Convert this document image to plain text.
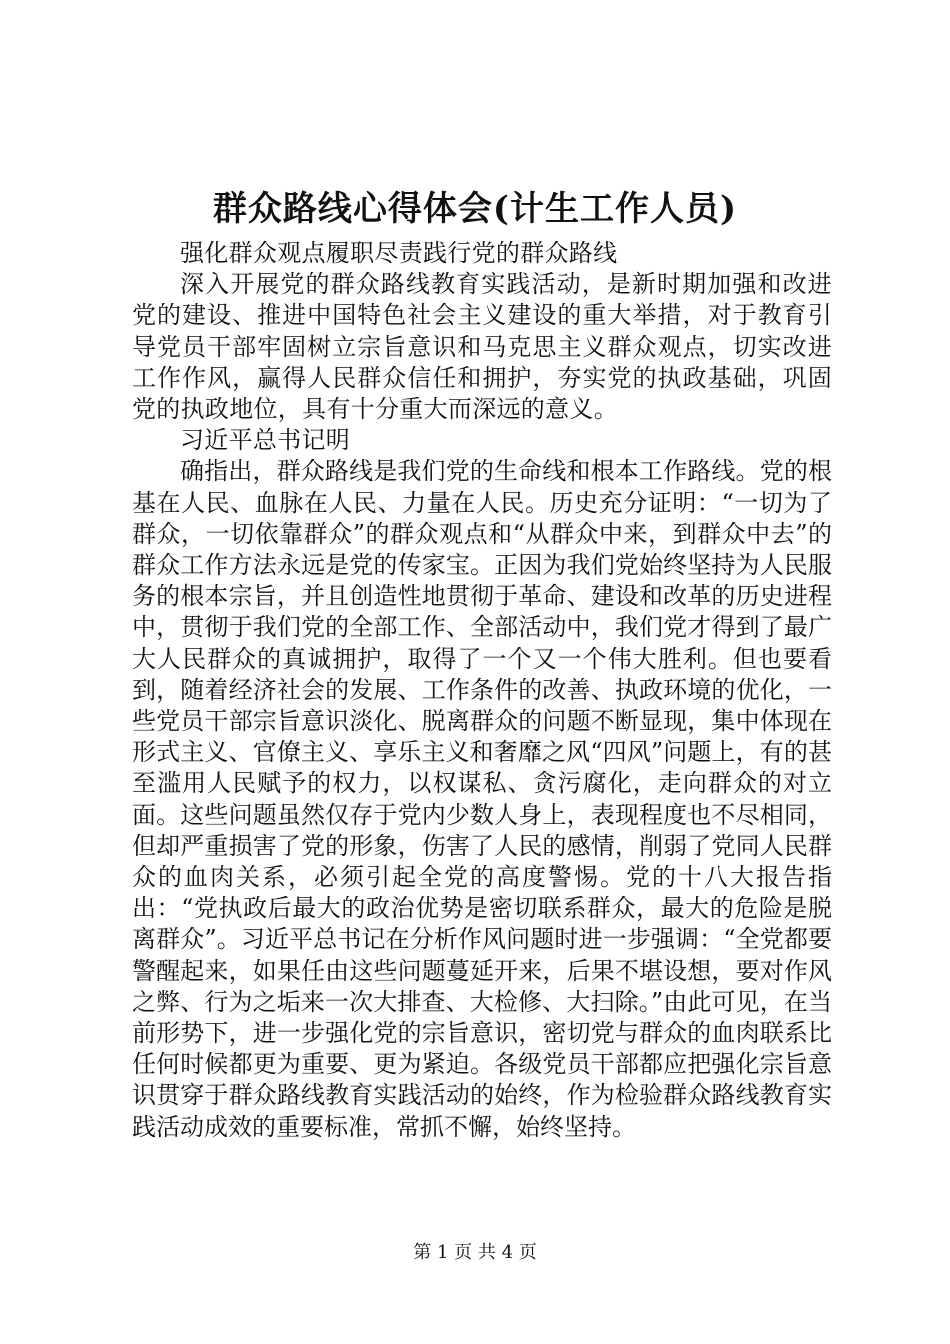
群众路线心得体会(计生工作人员)

强化群众观点履职尽责践行党的群众路线

深入开展党的群众路线教育实践活动，是新时期加强和改进党的建设、推进中国特色社会主义建设的重大举措，对于教育引导党员干部牢固树立宗旨意识和马克思主义群众观点，切实改进工作作风，赢得人民群众信任和拥护，夯实党的执政基础，巩固党的执政地位，具有十分重大而深远的意义。

习近平总书记明

确指出，群众路线是我们党的生命线和根本工作路线。党的根基在人民、血脉在人民、力量在人民。历史充分证明：“一切为了群众，一切依靠群众”的群众观点和“从群众中来，到群众中去”的群众工作方法永远是党的传家宝。正因为我们党始终坚持为人民服务的根本宗旨，并且创造性地贯彻于革命、建设和改革的历史进程中，贯彻于我们党的全部工作、全部活动中，我们党才得到了最广大人民群众的真诚拥护，取得了一个又一个伟大胜利。但也要看到，随着经济社会的发展、工作条件的改善、执政环境的优化，一些党员干部宗旨意识淡化、脱离群众的问题不断显现，集中体现在形式主义、官僚主义、享乐主义和奢靡之风“四风”问题上，有的甚至滥用人民赋予的权力，以权谋私、贪污腐化，走向群众的对立面。这些问题虽然仅存于党内少数人身上，表现程度也不尽相同，但却严重损害了党的形象，伤害了人民的感情，削弱了党同人民群众的血肉关系，必须引起全党的高度警惕。党的十八大报告指出：“党执政后最大的政治优势是密切联系群众，最大的危险是脱离群众”。习近平总书记在分析作风问题时进一步强调：“全党都要警醒起来，如果任由这些问题蔓延开来，后果不堪设想，要对作风之弊、行为之垢来一次大排查、大检修、大扫除。”由此可见，在当前形势下，进一步强化党的宗旨意识，密切党与群众的血肉联系比任何时候都更为重要、更为紧迫。各级党员干部都应把强化宗旨意识贯穿于群众路线教育实践活动的始终，作为检验群众路线教育实践活动成效的重要标准，常抓不懈，始终坚持。

第 1 页 共 4 页
